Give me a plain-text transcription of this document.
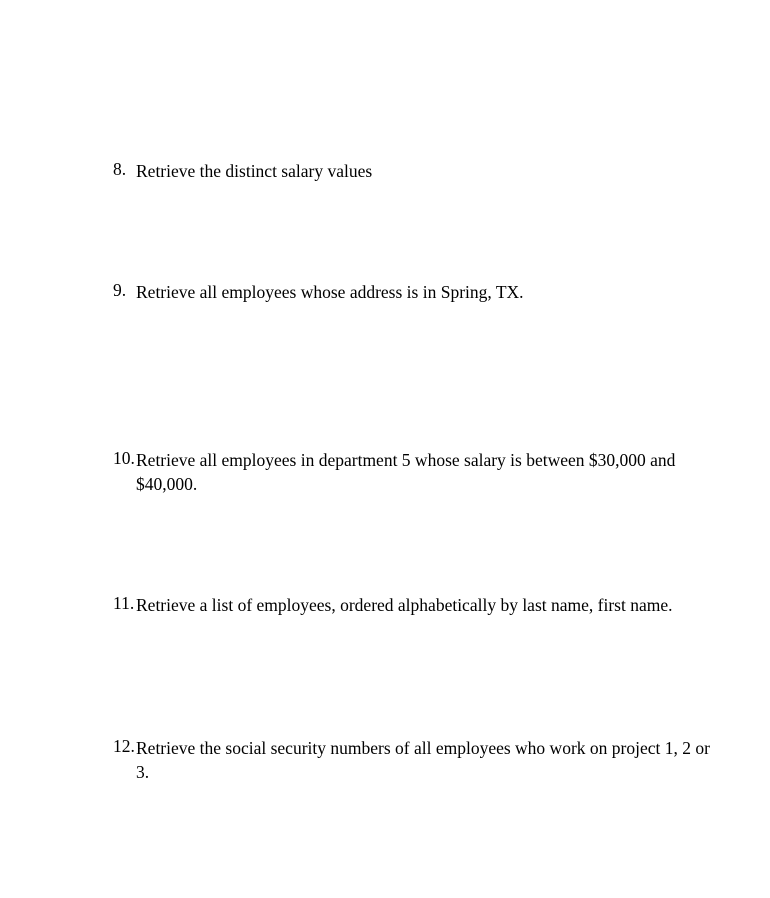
8. Retrieve the distinct salary values
9. Retrieve all employees whose address is in Spring, TX.
10. Retrieve all employees in department 5 whose salary is between $30,000 and $40,000.
11. Retrieve a list of employees, ordered alphabetically by last name, first name.
12. Retrieve the social security numbers of all employees who work on project 1, 2 or 3.
